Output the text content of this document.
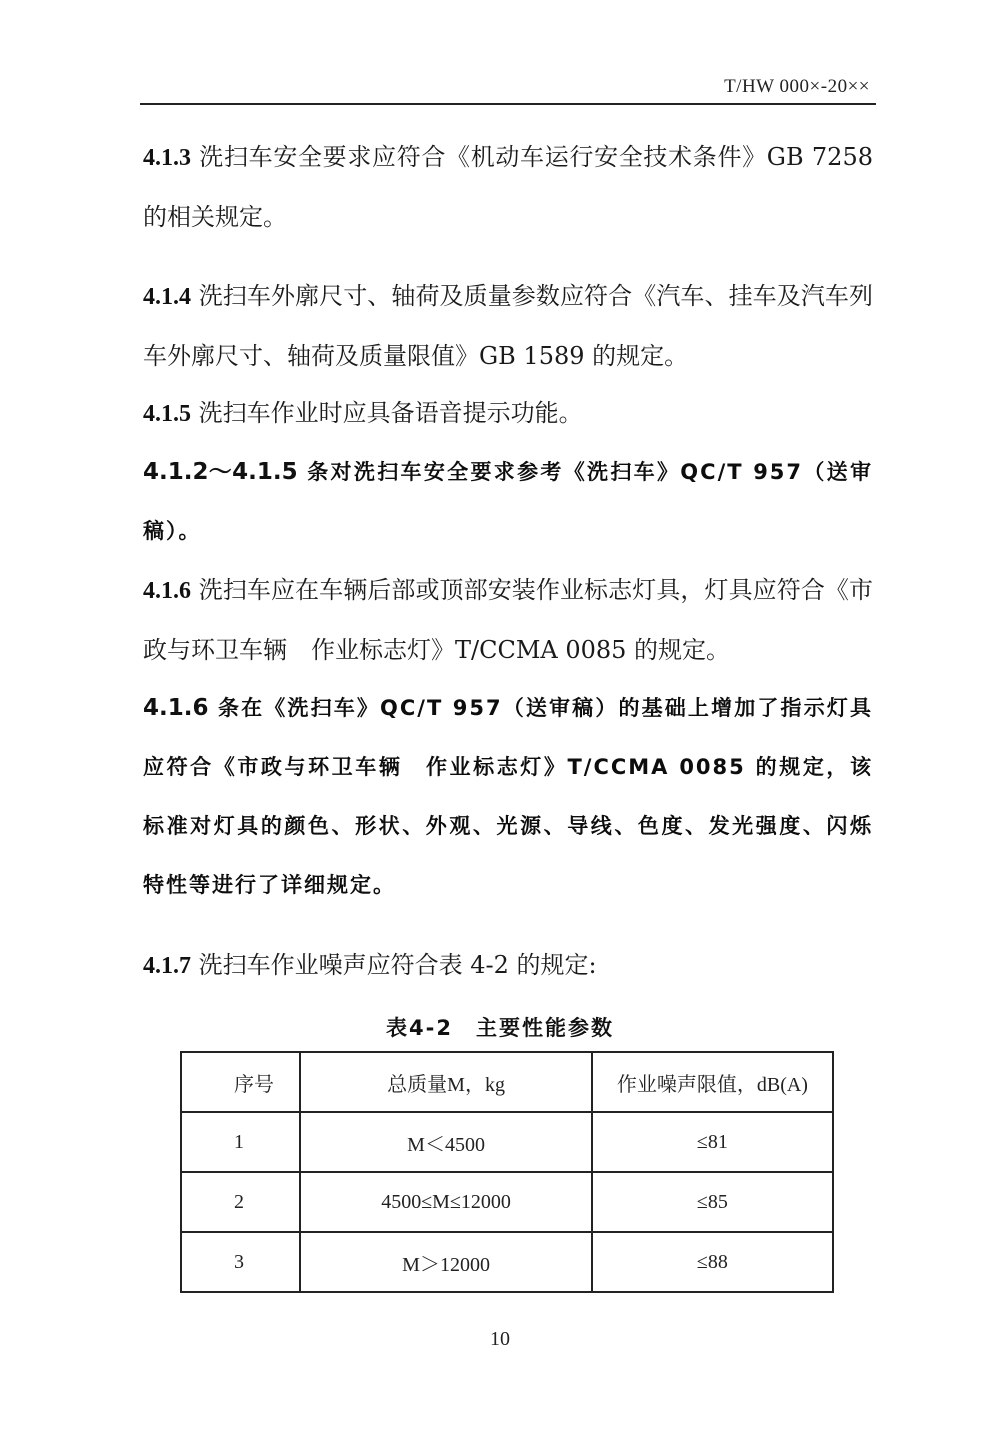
T/HW 000×-20××

4.1.3 洗扫车安全要求应符合《机动车运行安全技术条件》GB 7258 的相关规定。

4.1.4 洗扫车外廓尺寸、轴荷及质量参数应符合《汽车、挂车及汽车列车外廓尺寸、轴荷及质量限值》GB 1589 的规定。

4.1.5 洗扫车作业时应具备语音提示功能。

4.1.2～4.1.5 条对洗扫车安全要求参考《洗扫车》QC/T 957（送审稿）。

4.1.6 洗扫车应在车辆后部或顶部安装作业标志灯具，灯具应符合《市政与环卫车辆　作业标志灯》T/CCMA 0085 的规定。

4.1.6 条在《洗扫车》QC/T 957（送审稿）的基础上增加了指示灯具应符合《市政与环卫车辆　作业标志灯》T/CCMA 0085 的规定，该标准对灯具的颜色、形状、外观、光源、导线、色度、发光强度、闪烁特性等进行了详细规定。

4.1.7 洗扫车作业噪声应符合表 4-2 的规定:

表4-2　主要性能参数
序号	总质量M，kg	作业噪声限值，dB(A)
1	M＜4500	≤81
2	4500≤M≤12000	≤85
3	M＞12000	≤88
10
